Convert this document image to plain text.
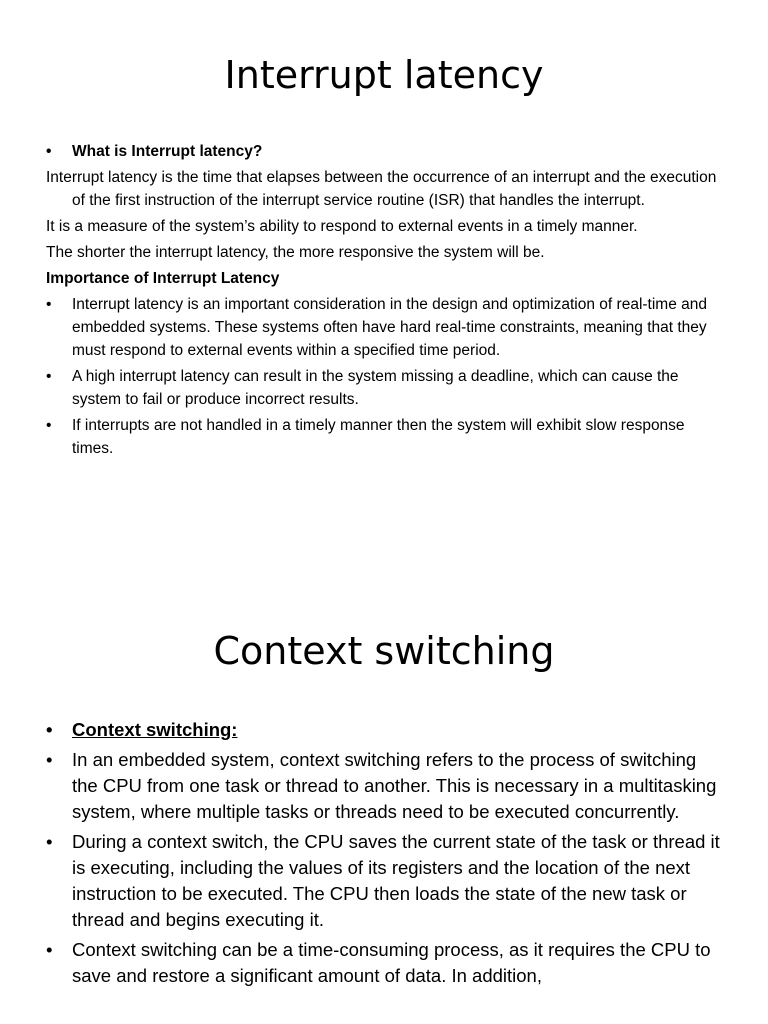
Interrupt latency
• What is Interrupt latency?
Interrupt latency is the time that elapses between the occurrence of an interrupt and the execution of the first instruction of the interrupt service routine (ISR) that handles the interrupt.
It is a measure of the system’s ability to respond to external events in a timely manner.
The shorter the interrupt latency, the more responsive the system will be.
Importance of Interrupt Latency
• Interrupt latency is an important consideration in the design and optimization of real-time and embedded systems. These systems often have hard real-time constraints, meaning that they must respond to external events within a specified time period.
• A high interrupt latency can result in the system missing a deadline, which can cause the system to fail or produce incorrect results.
• If interrupts are not handled in a timely manner then the system will exhibit slow response times.
Context switching
• Context switching:
• In an embedded system, context switching refers to the process of switching the CPU from one task or thread to another. This is necessary in a multitasking system, where multiple tasks or threads need to be executed concurrently.
• During a context switch, the CPU saves the current state of the task or thread it is executing, including the values of its registers and the location of the next instruction to be executed. The CPU then loads the state of the new task or thread and begins executing it.
• Context switching can be a time-consuming process, as it requires the CPU to save and restore a significant amount of data. In addition,
